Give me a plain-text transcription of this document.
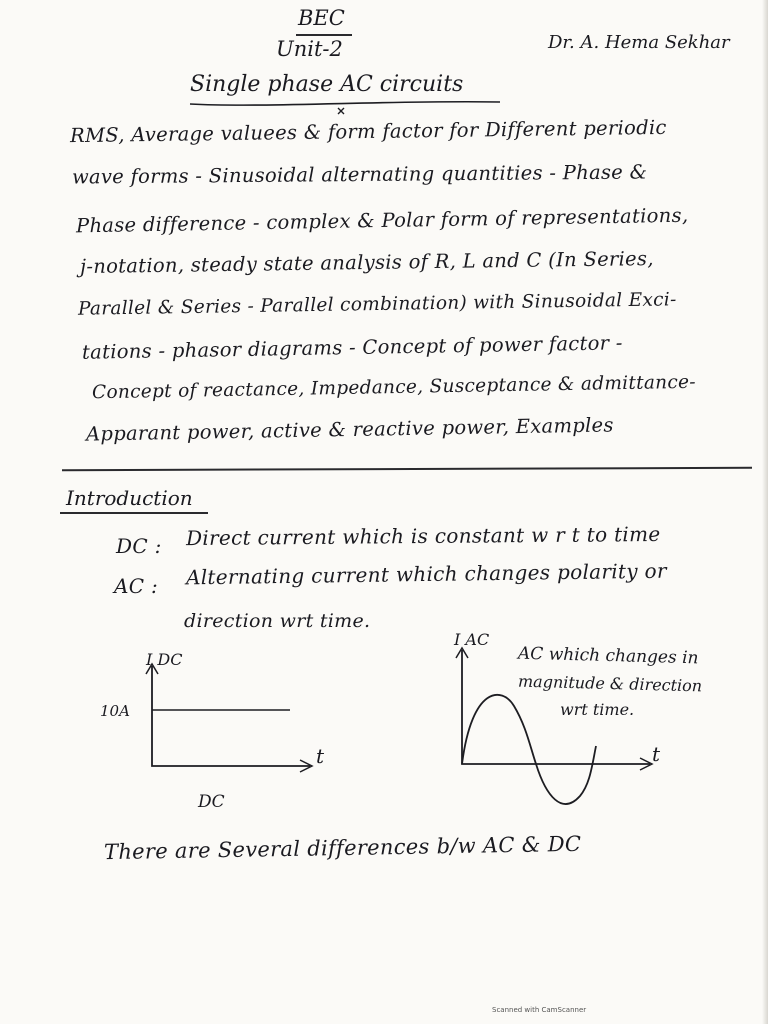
BEC
Unit-2	Dr. A. Hema Sekhar
Single phase AC circuits
RMS, Average valuees & form factor for Different periodic
wave forms - Sinusoidal alternating quantities - Phase &
Phase difference - complex & Polar form of representations,
j-notation, steady state analysis of R, L and C (In Series,
Parallel & Series - Parallel combination) with Sinusoidal Exci-
tations - phasor diagrams - Concept of power factor -
Concept of reactance, Impedance, Susceptance & admittance-
Apparant power, active & reactive power, Examples
Introduction
DC : Direct current which is constant w r t to time
AC : Alternating current which changes polarity or
direction wrt time.
I DC
10A
t
DC
I AC
t
AC which changes in
magnitude & direction
wrt time.
There are Several differences b/w AC & DC
Scanned with CamScanner
